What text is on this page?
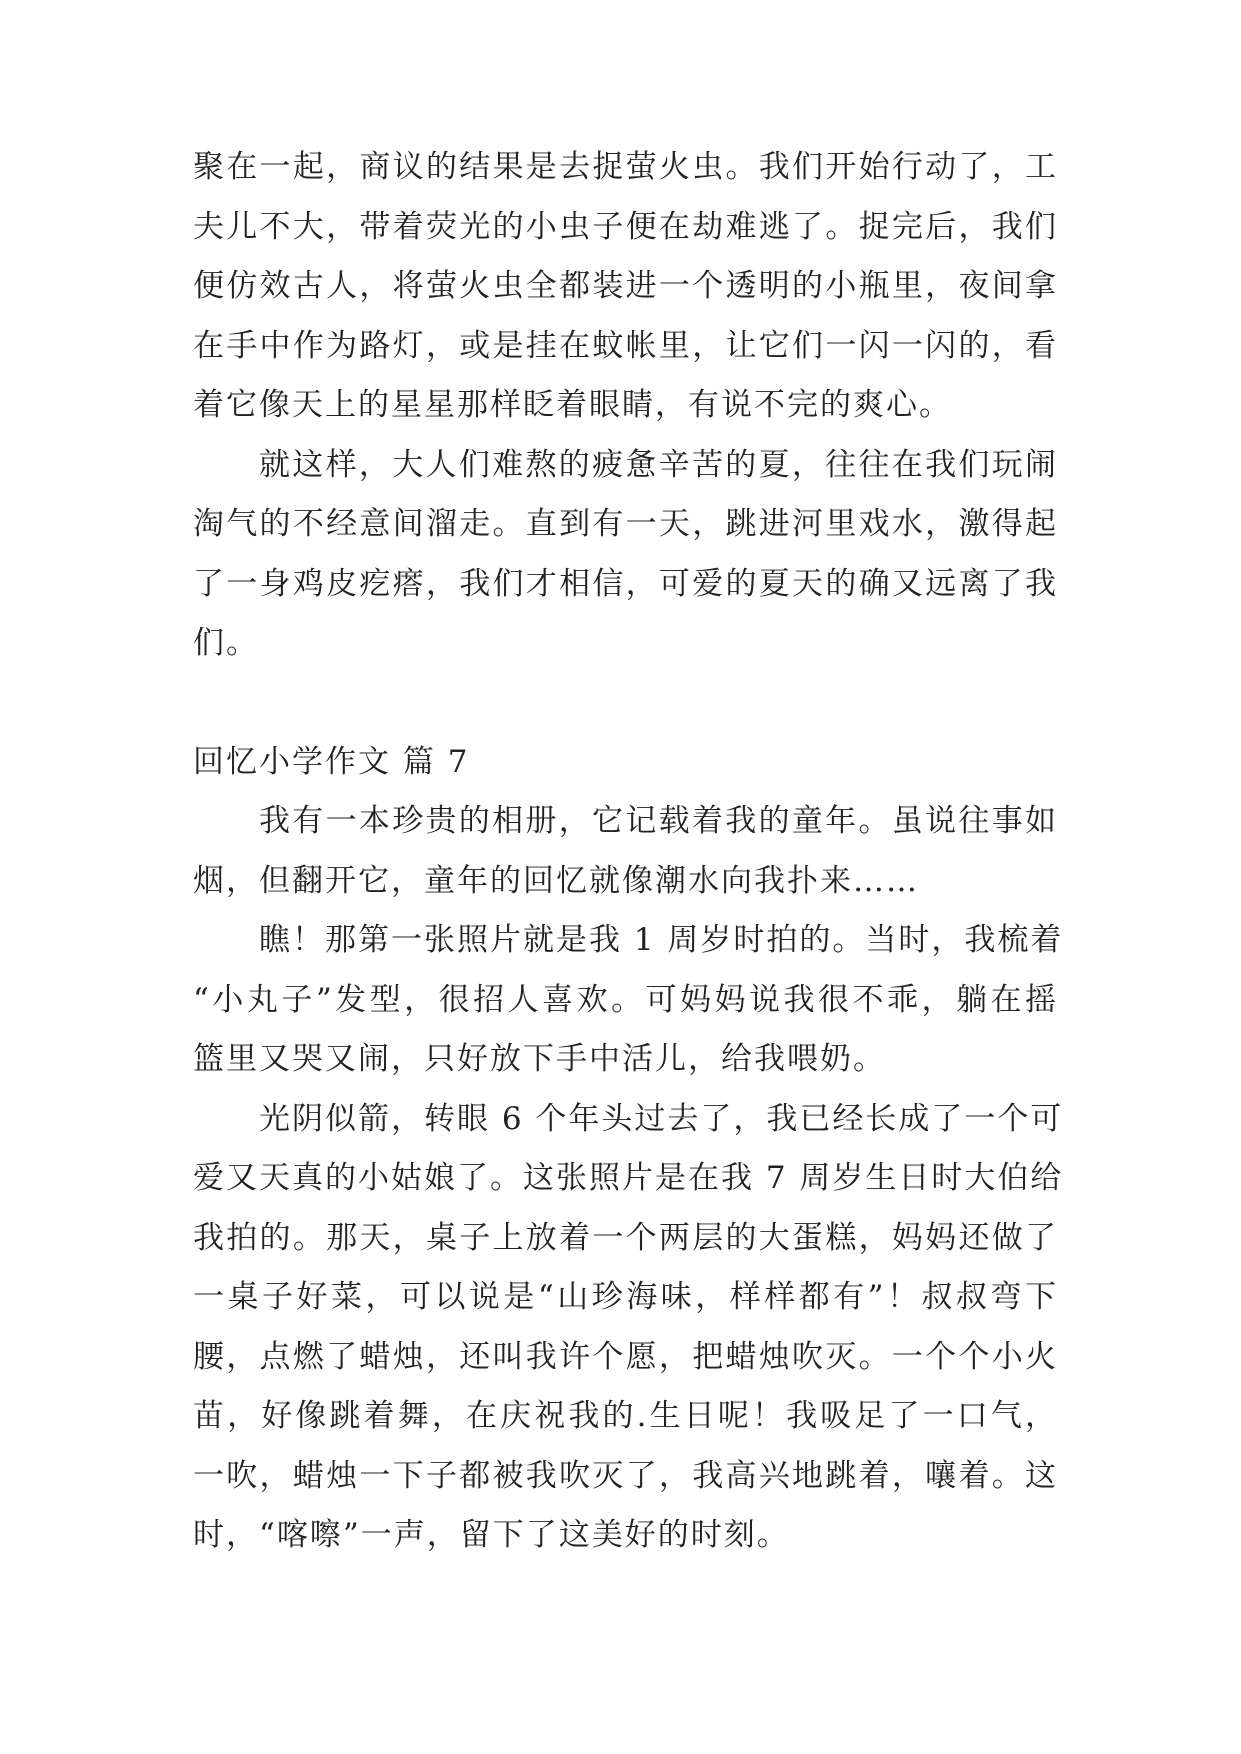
聚在一起，商议的结果是去捉萤火虫。我们开始行动了，工
夫儿不大，带着荧光的小虫子便在劫难逃了。捉完后，我们
便仿效古人，将萤火虫全都装进一个透明的小瓶里，夜间拿
在手中作为路灯，或是挂在蚊帐里，让它们一闪一闪的，看
着它像天上的星星那样眨着眼睛，有说不完的爽心。
就这样，大人们难熬的疲惫辛苦的夏，往往在我们玩闹
淘气的不经意间溜走。直到有一天，跳进河里戏水，激得起
了一身鸡皮疙瘩，我们才相信，可爱的夏天的确又远离了我
们。
回忆小学作文 篇 7
我有一本珍贵的相册，它记载着我的童年。虽说往事如
烟，但翻开它，童年的回忆就像潮水向我扑来……
瞧！那第一张照片就是我 1 周岁时拍的。当时，我梳着
“小丸子”发型，很招人喜欢。可妈妈说我很不乖，躺在摇
篮里又哭又闹，只好放下手中活儿，给我喂奶。
光阴似箭，转眼 6 个年头过去了，我已经长成了一个可
爱又天真的小姑娘了。这张照片是在我 7 周岁生日时大伯给
我拍的。那天，桌子上放着一个两层的大蛋糕，妈妈还做了
一桌子好菜，可以说是“山珍海味，样样都有”！叔叔弯下
腰，点燃了蜡烛，还叫我许个愿，把蜡烛吹灭。一个个小火
苗，好像跳着舞，在庆祝我的.生日呢！我吸足了一口气，
一吹，蜡烛一下子都被我吹灭了，我高兴地跳着，嚷着。这
时，“喀嚓”一声，留下了这美好的时刻。
